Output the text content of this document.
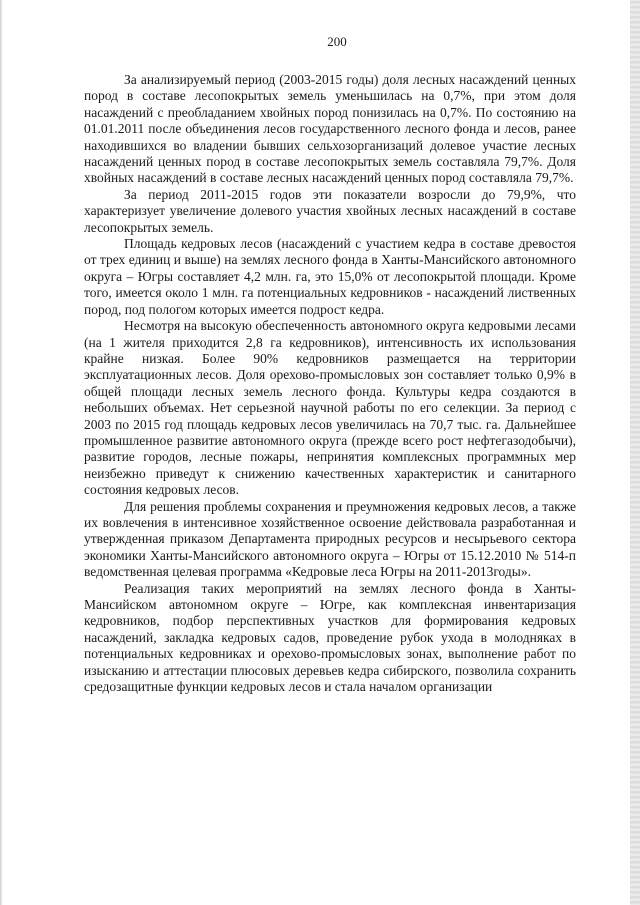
200

За анализируемый период (2003-2015 годы) доля лесных насаждений ценных пород в составе лесопокрытых земель уменьшилась на 0,7%, при этом доля насаждений с преобладанием хвойных пород понизилась на 0,7%. По состоянию на 01.01.2011 после объединения лесов государственного лесного фонда и лесов, ранее находившихся во владении бывших сельхозорганизаций долевое участие лесных насаждений ценных пород в составе лесопокрытых земель составляла 79,7%. Доля хвойных насаждений в составе лесных насаждений ценных пород составляла 79,7%.

За период 2011-2015 годов эти показатели возросли до 79,9%, что характеризует увеличение долевого участия хвойных лесных насаждений в составе лесопокрытых земель.

Площадь кедровых лесов (насаждений с участием кедра в составе древостоя от трех единиц и выше) на землях лесного фонда в Ханты-Мансийского автономного округа – Югры составляет 4,2 млн. га, это 15,0% от лесопокрытой площади. Кроме того, имеется около 1 млн. га потенциальных кедровников - насаждений лиственных пород, под пологом которых имеется подрост кедра.

Несмотря на высокую обеспеченность автономного округа кедровыми лесами (на 1 жителя приходится 2,8 га кедровников), интенсивность их использования крайне низкая. Более 90% кедровников размещается на территории эксплуатационных лесов. Доля орехово-промысловых зон составляет только 0,9% в общей площади лесных земель лесного фонда. Культуры кедра создаются в небольших объемах. Нет серьезной научной работы по его селекции. За период с 2003 по 2015 год площадь кедровых лесов увеличилась на 70,7 тыс. га. Дальнейшее промышленное развитие автономного округа (прежде всего рост нефтегазодобычи), развитие городов, лесные пожары, непринятия комплексных программных мер неизбежно приведут к снижению качественных характеристик и санитарного состояния кедровых лесов.

Для решения проблемы сохранения и преумножения кедровых лесов, а также их вовлечения в интенсивное хозяйственное освоение действовала разработанная и утвержденная приказом Департамента природных ресурсов и несырьевого сектора экономики Ханты-Мансийского автономного округа – Югры от 15.12.2010 № 514-п ведомственная целевая программа «Кедровые леса Югры на 2011-2013годы».

Реализация таких мероприятий на землях лесного фонда в Ханты-Мансийском автономном округе – Югре, как комплексная инвентаризация кедровников, подбор перспективных участков для формирования кедровых насаждений, закладка кедровых садов, проведение рубок ухода в молодняках в потенциальных кедровниках и орехово-промысловых зонах, выполнение работ по изысканию и аттестации плюсовых деревьев кедра сибирского, позволила сохранить средозащитные функции кедровых лесов и стала началом организации
